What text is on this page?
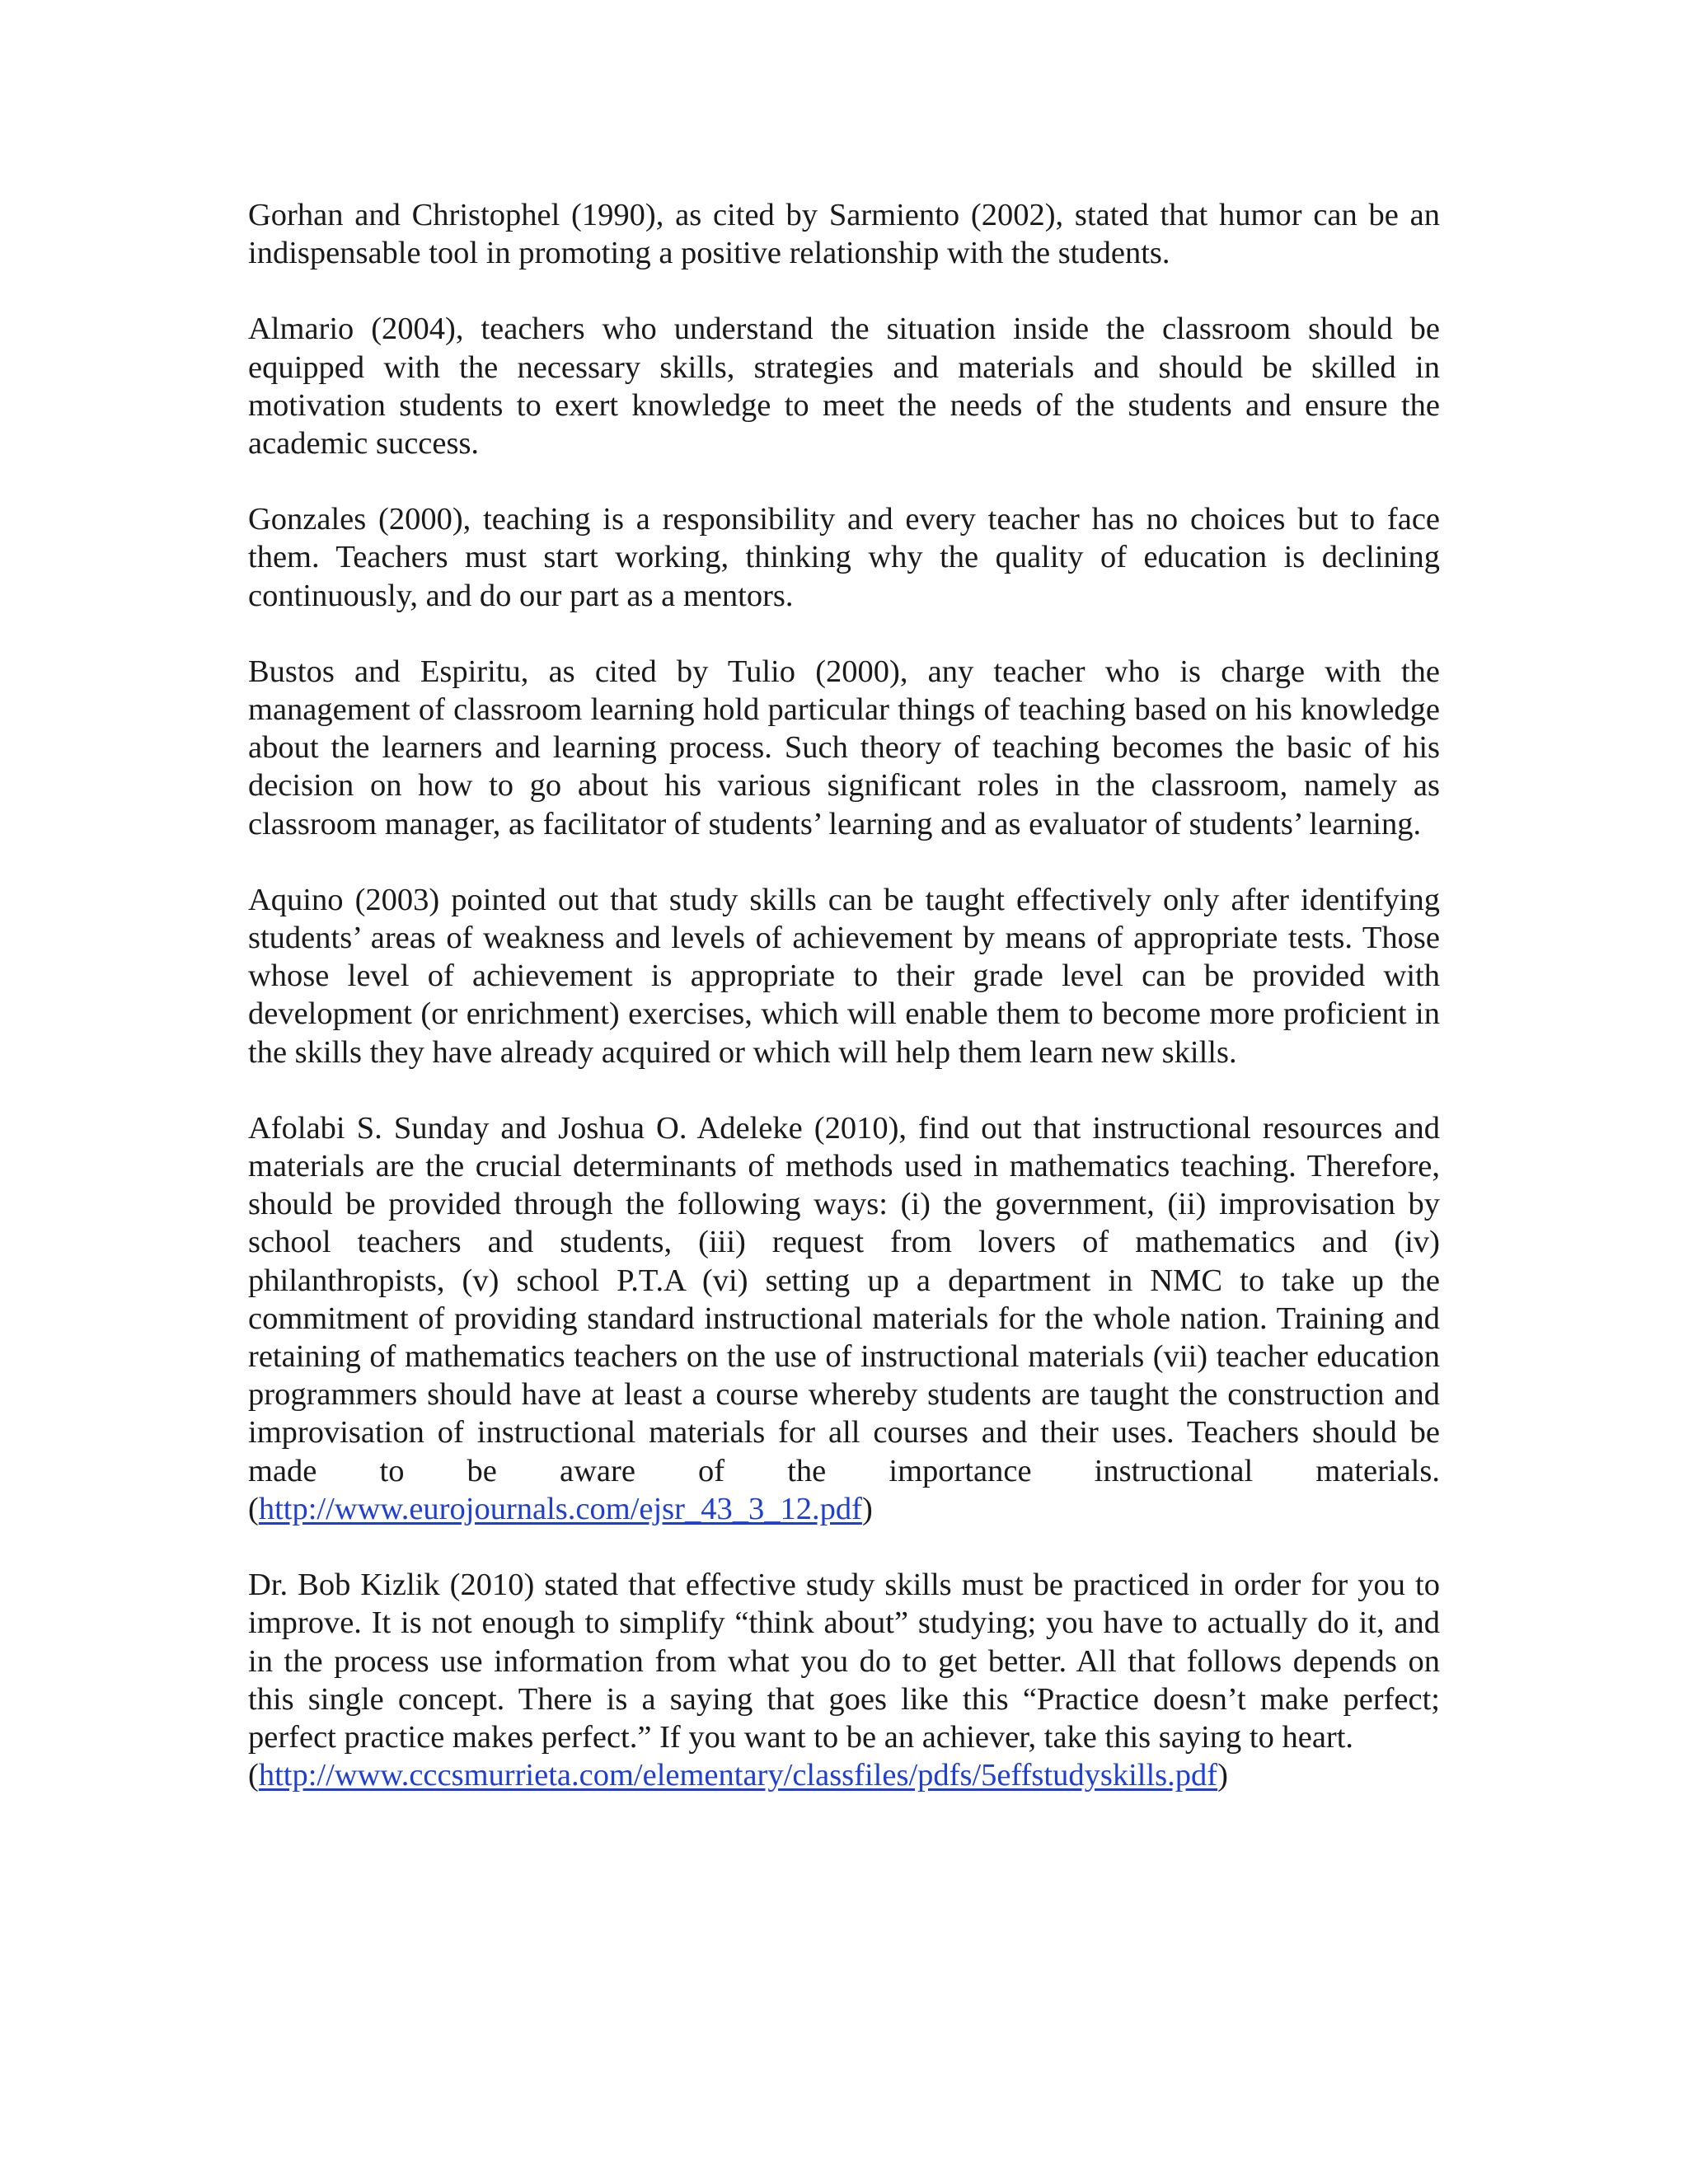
Gorhan and Christophel (1990), as cited by Sarmiento (2002), stated that humor can be an indispensable tool in promoting a positive relationship with the students.

Almario (2004), teachers who understand the situation inside the classroom should be equipped with the necessary skills, strategies and materials and should be skilled in motivation students to exert knowledge to meet the needs of the students and ensure the academic success.

Gonzales (2000), teaching is a responsibility and every teacher has no choices but to face them. Teachers must start working, thinking why the quality of education is declining continuously, and do our part as a mentors.

Bustos and Espiritu, as cited by Tulio (2000), any teacher who is charge with the management of classroom learning hold particular things of teaching based on his knowledge about the learners and learning process. Such theory of teaching becomes the basic of his decision on how to go about his various significant roles in the classroom, namely as classroom manager, as facilitator of students’ learning and as evaluator of students’ learning.

Aquino (2003) pointed out that study skills can be taught effectively only after identifying students’ areas of weakness and levels of achievement by means of appropriate tests. Those whose level of achievement is appropriate to their grade level can be provided with development (or enrichment) exercises, which will enable them to become more proficient in the skills they have already acquired or which will help them learn new skills.

Afolabi S. Sunday and Joshua O. Adeleke (2010), find out that instructional resources and materials are the crucial determinants of methods used in mathematics teaching. Therefore, should be provided through the following ways: (i) the government, (ii) improvisation by school teachers and students, (iii) request from lovers of mathematics and (iv) philanthropists, (v) school P.T.A (vi) setting up a department in NMC to take up the commitment of providing standard instructional materials for the whole nation. Training and retaining of mathematics teachers on the use of instructional materials (vii) teacher education programmers should have at least a course whereby students are taught the construction and improvisation of instructional materials for all courses and their uses. Teachers should be made to be aware of the importance instructional materials. (http://www.eurojournals.com/ejsr_43_3_12.pdf)

Dr. Bob Kizlik (2010) stated that effective study skills must be practiced in order for you to improve. It is not enough to simplify “think about” studying; you have to actually do it, and in the process use information from what you do to get better. All that follows depends on this single concept. There is a saying that goes like this “Practice doesn’t make perfect; perfect practice makes perfect.” If you want to be an achiever, take this saying to heart.
(http://www.cccsmurrieta.com/elementary/classfiles/pdfs/5effstudyskills.pdf)
